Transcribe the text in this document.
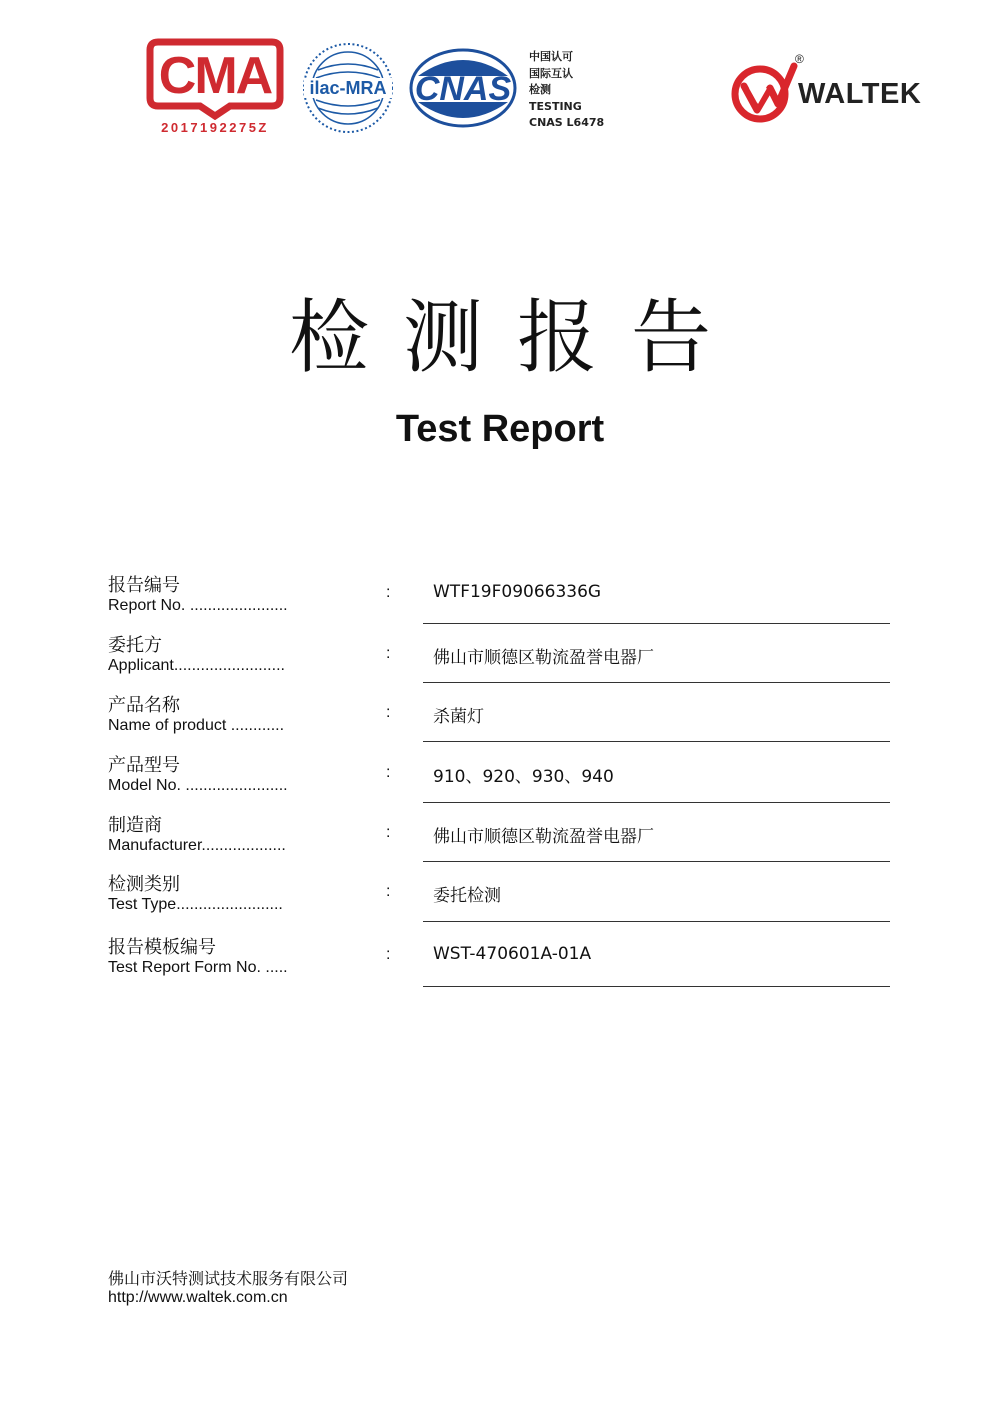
CMA
2017192275Z
ilac-MRA CNAS
中国认可
国际互认
检测
TESTING
CNAS L6478
®
WALTEK
检测报告
Test Report
报告编号
Report No. ......................
:	WTF19F09066336G
委托方
Applicant.........................
:	佛山市顺德区勒流盈誉电器厂
产品名称
Name of product ............
:	杀菌灯
产品型号
Model No. .......................
:	910、920、930、940
制造商
Manufacturer...................
:	佛山市顺德区勒流盈誉电器厂
检测类别
Test Type........................
:	委托检测
报告模板编号
Test Report Form No. .....
:	WST-470601A-01A
佛山市沃特测试技术服务有限公司
http://www.waltek.com.cn
